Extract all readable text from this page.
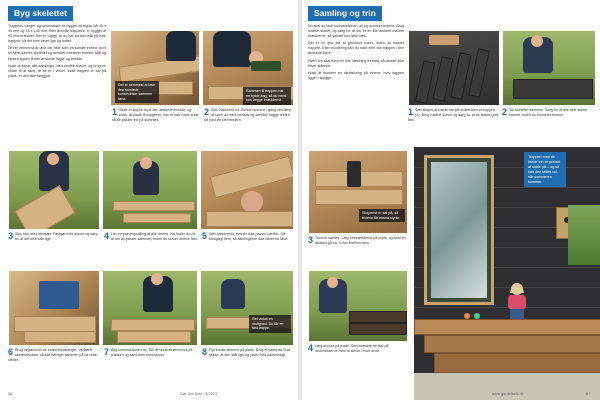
Byg skelettet

Trappens vanger og understrøer er bygget af reglar på 45 x 95 mm og 45 x 145 mm. Den øverste trappetrin er bygget af 95 mm-brædder. Det er vigtigt, at du har korrekt mål på hele trappen, så det hele bliver lige og lodret.

Det er nemmest at lave det hele som en samlet enhed, hvor du først samler skelettet og derefter monterer trinene. Mål og tilpas trappen til den ønskede højde og bredde.

Husk at skrue alle samlinger med rustfrie skruer, og brug en vinkel til at sikre, at alt er i vinkel. Indtil trappen er sat på plads, er den ikke fastgjort.

Det er nemmest at lave den samlede konstruktion sammen først.
1 Skær et stykke til på den ønskede bredde, og mark. af plads til vangerne. Lav et hak i hver ende, så de passer ind på skelettet.
Rammen til trappen har en hylde bag, så du nemt kan lægge brædderne.
2 Skru hakkerne ud. Du kan komme i gang ved først at save ud med rundsav og derefter hugge resten ud med en stemmejern.
3 Skru fast med stensæt. Fastgør med skruer og sørg for at det hele står lige.	4 Lav en prøveopstilling af alle delene. Nu finder du ud af om alt passer sammen, inden du skruer delene fast. 5 Sæt bæbrere til, hvis de ikke passer perfekt. Gå forsigtigt frem, så samlingerne ikke bliver for løse.
6 Brug bøjsaven til de sidste tilpasninger. Vedhæft skelettets dele, så alle hænger sammen på de rette steder.
7 Byg konstruktionen op. Stil de understrøerne ud på pladsen og saml dem med skruer.
Ret vinkel en mulighed. Du får en fast trappe.
8 Flyt konstruktionen på plads. Brug et vaterpas til at tjekke, at den står lige og justér hvis nødvendigt.
56	Gør Det Selv · 5/2013
Samling og trin

Nu skal du lave konstruktionen ud og montere trinene. Brug rustfrie skruer, og sørg for at der er en lille afstand mellem brædderne, så vandet kan løbe væk.

Det er en god idé at grundere træet, inden du samler trappen. Efter montering kan du male eller olie trappen i den ønskede farve.

Hvert trin skal have en lille hældning fremad, så vandet ikke bliver stående.

Husk at montere en skridsikring på trinene, hvis trappen ligger i skygge.

1 Sæt stolper af mørkt træ på undersiden af trappen (A). Brug rustfrie skruer og sørg for at de sidder godt fast.
2 Stil skelettet sammen. Sørg for at alle dele sidder korrekt, inden du monterer trinene.
Stolperne er sat på, så trinene får ekstra styrke.
3 Trinene samles. Læg trinbrædderne på plads, og hold en afstand på ca. 5 mm imellem dem.
4 Læg trinene på plads. Skru brædderne fast på understrøerne med to skruer i hver ende.
Trappen med de brede trin er perfekt at sidde på – og så kan den stilles ud, når sommeren kommer.
www.gordetselv.dk	57
